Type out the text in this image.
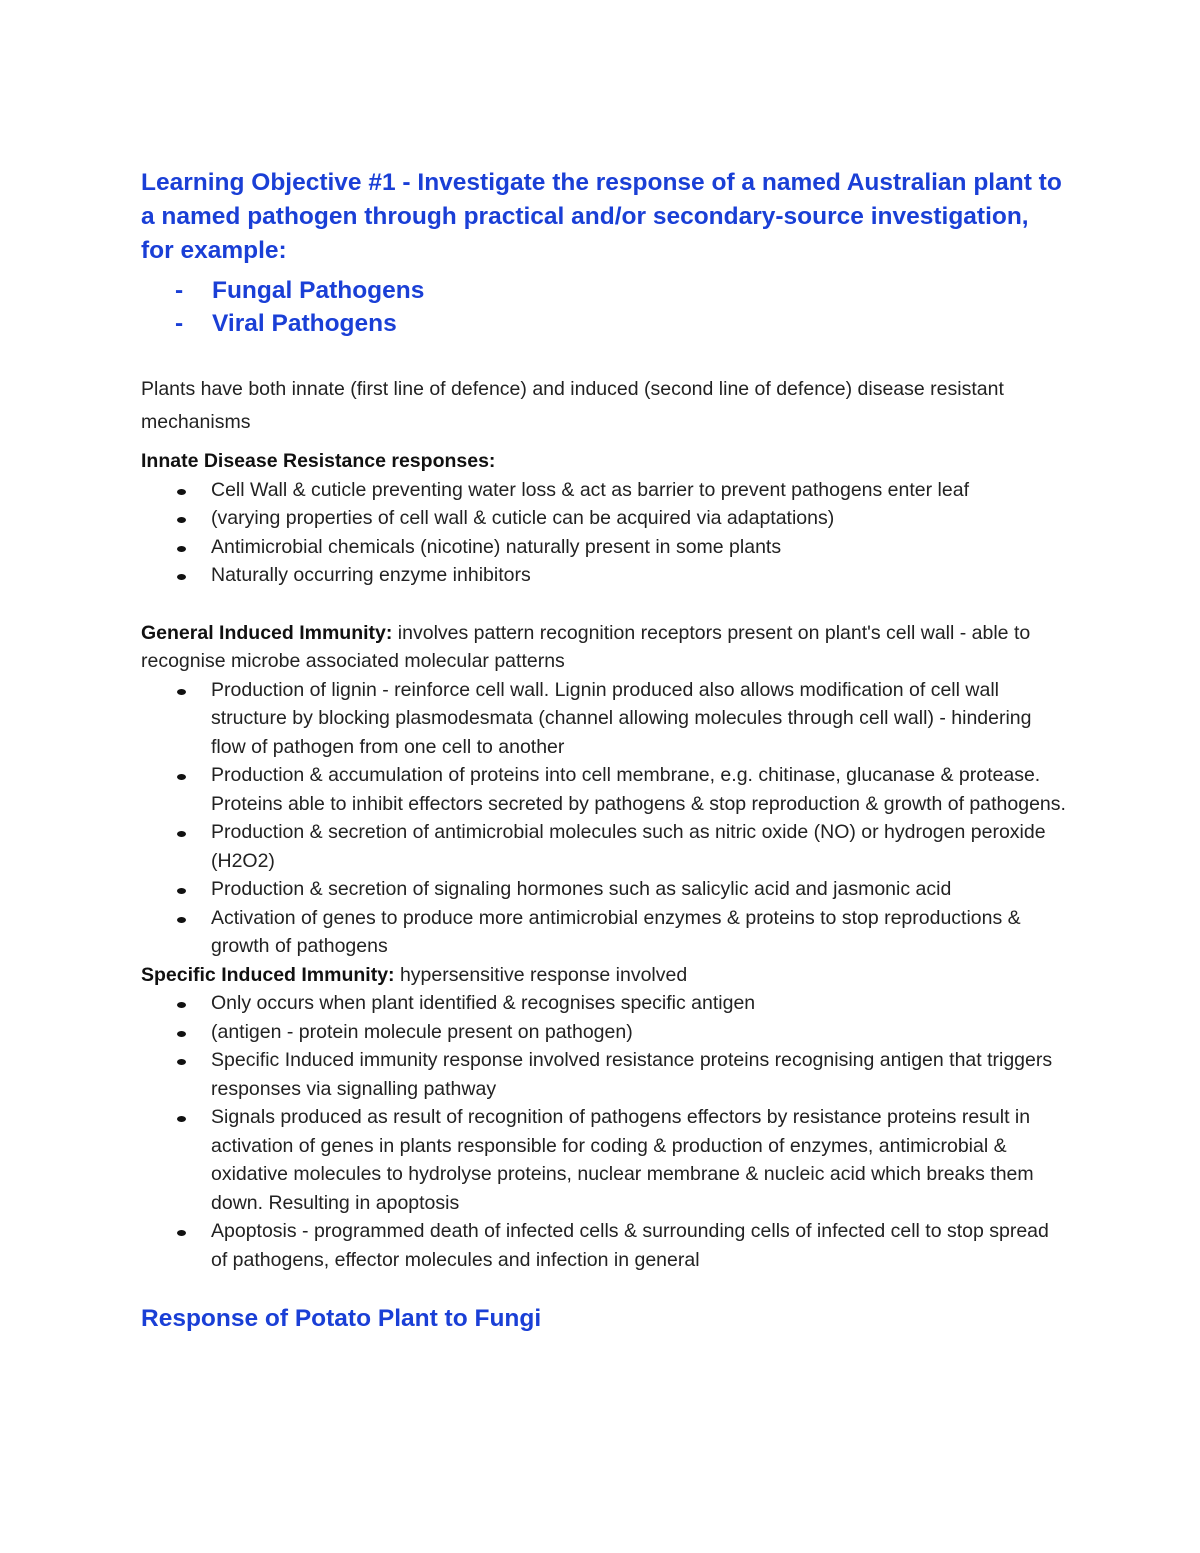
Learning Objective #1 - Investigate the response of a named Australian plant to a named pathogen through practical and/or secondary-source investigation, for example:
-	Fungal Pathogens
-	Viral Pathogens

Plants have both innate (first line of defence) and induced (second line of defence) disease resistant mechanisms

Innate Disease Resistance responses:

Cell Wall & cuticle preventing water loss & act as barrier to prevent pathogens enter leaf
(varying properties of cell wall & cuticle can be acquired via adaptations)
Antimicrobial chemicals (nicotine) naturally present in some plants
Naturally occurring enzyme inhibitors

General Induced Immunity: involves pattern recognition receptors present on plant's cell wall - able to recognise microbe associated molecular patterns

Production of lignin - reinforce cell wall. Lignin produced also allows modification of cell wall structure by blocking plasmodesmata (channel allowing molecules through cell wall) - hindering flow of pathogen from one cell to another
Production & accumulation of proteins into cell membrane, e.g. chitinase, glucanase & protease. Proteins able to inhibit effectors secreted by pathogens & stop reproduction & growth of pathogens.
Production & secretion of antimicrobial molecules such as nitric oxide (NO) or hydrogen peroxide (H2O2)
Production & secretion of signaling hormones such as salicylic acid and jasmonic acid
Activation of genes to produce more antimicrobial enzymes & proteins to stop reproductions & growth of pathogens

Specific Induced Immunity: hypersensitive response involved

Only occurs when plant identified & recognises specific antigen
(antigen - protein molecule present on pathogen)
Specific Induced immunity response involved resistance proteins recognising antigen that triggers responses via signalling pathway
Signals produced as result of recognition of pathogens effectors by resistance proteins result in activation of genes in plants responsible for coding & production of enzymes, antimicrobial & oxidative molecules to hydrolyse proteins, nuclear membrane & nucleic acid which breaks them down. Resulting in apoptosis
Apoptosis - programmed death of infected cells & surrounding cells of infected cell to stop spread of pathogens, effector molecules and infection in general
Response of Potato Plant to Fungi
